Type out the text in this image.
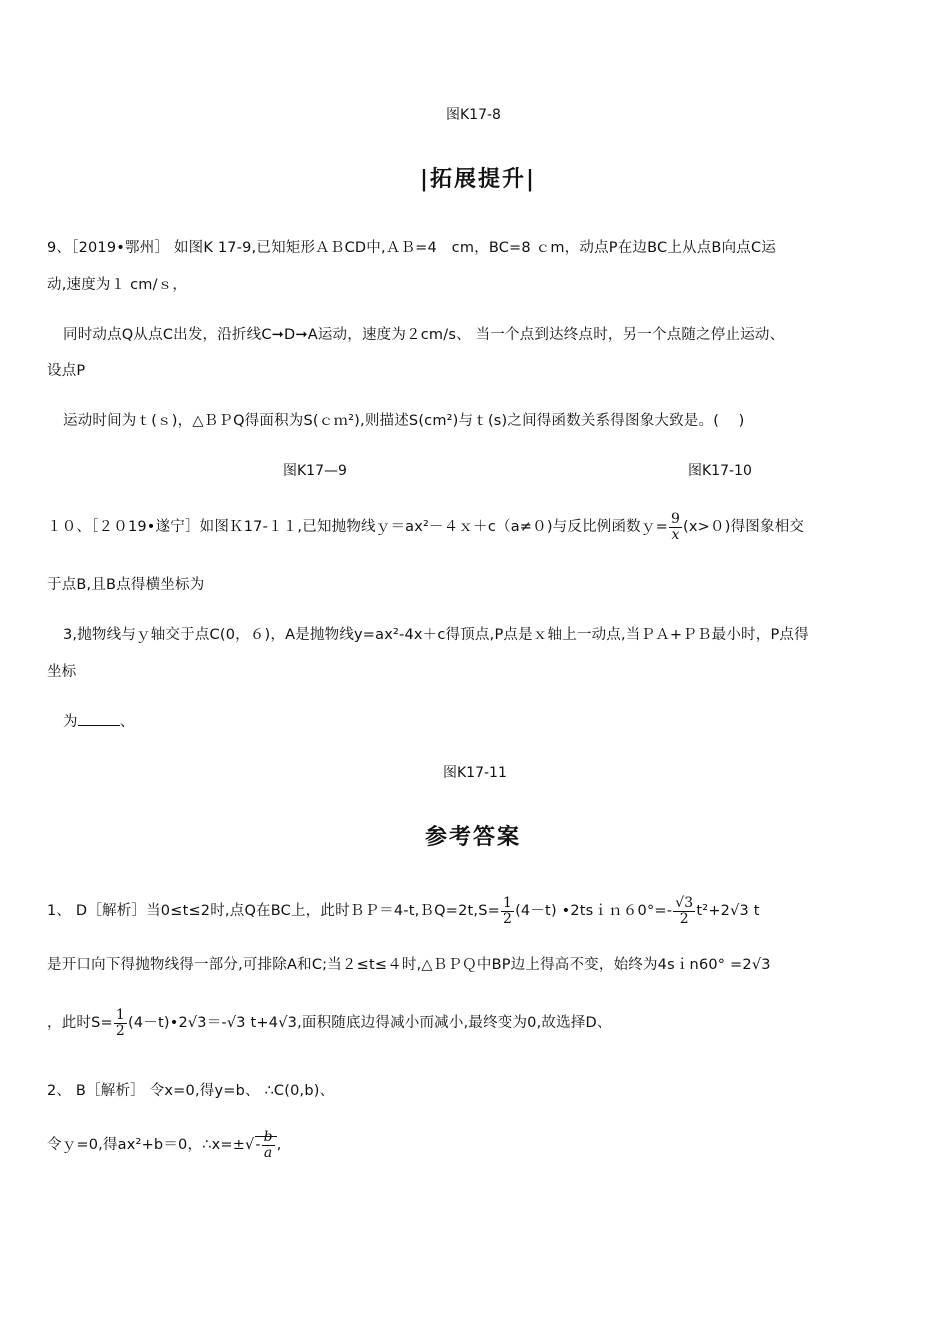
图K17-8
|拓展提升|
9、［2019•鄂州］ 如图K 17-9,已知矩形ＡＢCD中,ＡＢ=4　cm，BC=8 ｃm，动点P在边BC上从点B向点C运
动,速度为１ cm/ｓ，
同时动点Q从点C出发，沿折线C➞D➞A运动，速度为２cm/s、 当一个点到达终点时，另一个点随之停止运动、
设点P
运动时间为ｔ(ｓ)，△ＢＰQ得面积为S(ｃｍ²),则描述S(cm²)与ｔ(s)之间得函数关系得图象大致是。(　 )
图K17—9	图K17-10
１０、［２０19•遂宁］如图Ｋ17-１１,已知抛物线ｙ＝ax²－４ｘ＋c（a≠０)与反比例函数ｙ= $\frac{9}{x} (x>0)$得图象相交
于点B,且B点得横坐标为
3,抛物线与ｙ轴交于点C(0，６)，A是抛物线y=ax²-4x＋c得顶点,P点是ｘ轴上一动点,当ＰＡ+ＰＢ最小时，P点得
坐标
为	、
图K17-11
参考答案
1、 D［解析］当0≤t≤2时,点Q在BC上，此时ＢＰ＝4-t,ＢQ=2t,S= $\frac{1}{2} (4-t)$ •2tsｉｎ６0°=- $\frac{√3}{2} t^2+2√3$ t
是开口向下得抛物线得一部分,可排除A和C;当２≤t≤４时,△ＢＰＱ中BP边上得高不变，始终为4sｉn60° =2√3
，此时$S= \frac{1}{2}$ (4－t)•2√3＝-√3 t+4√3,面积随底边得减小而减小,最终变为0,故选择D、
2、 B［解析］ 令x=0,得y=b、 ∴C(0,b)、
令ｙ=0,得ax²+b＝0，∴x=±√- $\frac{b}{a}$ ,
